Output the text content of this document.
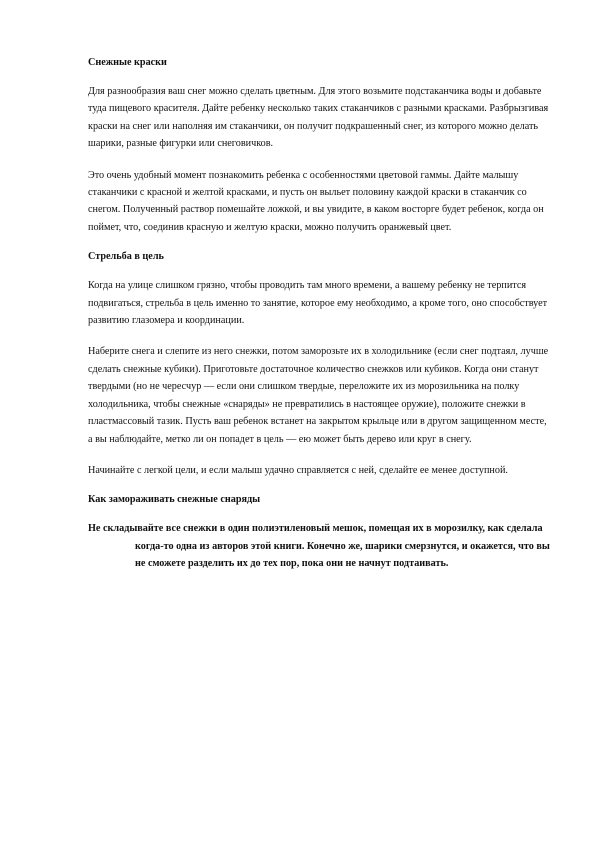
Снежные краски

Для разнообразия ваш снег можно сделать цветным. Для этого возьмите подстаканчика воды и добавьте туда пищевого красителя. Дайте ребенку несколько таких стаканчиков с разными красками. Разбрызгивая краски на снег или наполняя им стаканчики, он получит подкрашенный снег, из которого можно делать шарики, разные фигурки или снеговичков.

Это очень удобный момент познакомить ребенка с особенностями цветовой гаммы. Дайте малышу стаканчики с красной и желтой красками, и пусть он выльет половину каждой краски в стаканчик со снегом. Полученный раствор помешайте ложкой, и вы увидите, в каком восторге будет ребенок, когда он поймет, что, соединив красную и желтую краски, можно получить оранжевый цвет.

Стрельба в цель

Когда на улице слишком грязно, чтобы проводить там много времени, а вашему ребенку не терпится подвигаться, стрельба в цель именно то занятие, которое ему необходимо, а кроме того, оно способствует развитию глазомера и координации.

Наберите снега и слепите из него снежки, потом заморозьте их в холодильнике (если снег подтаял, лучше сделать снежные кубики). Приготовьте достаточное количество снежков или кубиков. Когда они станут твердыми (но не чересчур — если они слишком твердые, переложите их из морозильника на полку холодильника, чтобы снежные «снаряды» не превратились в настоящее оружие), положите снежки в пластмассовый тазик. Пусть ваш ребенок встанет на закрытом крыльце или в другом защищенном месте, а вы наблюдайте, метко ли он попадет в цель — ею может быть дерево или круг в снегу.

Начинайте с легкой цели, и если малыш удачно справляется с ней, сделайте ее менее доступной.

Как замораживать снежные снаряды

Не складывайте все снежки в один полиэтиленовый мешок, помещая их в морозилку, как сделала когда-то одна из авторов этой книги. Конечно же, шарики смерзнутся, и окажется, что вы не сможете разделить их до тех пор, пока они не начнут подтаивать.
